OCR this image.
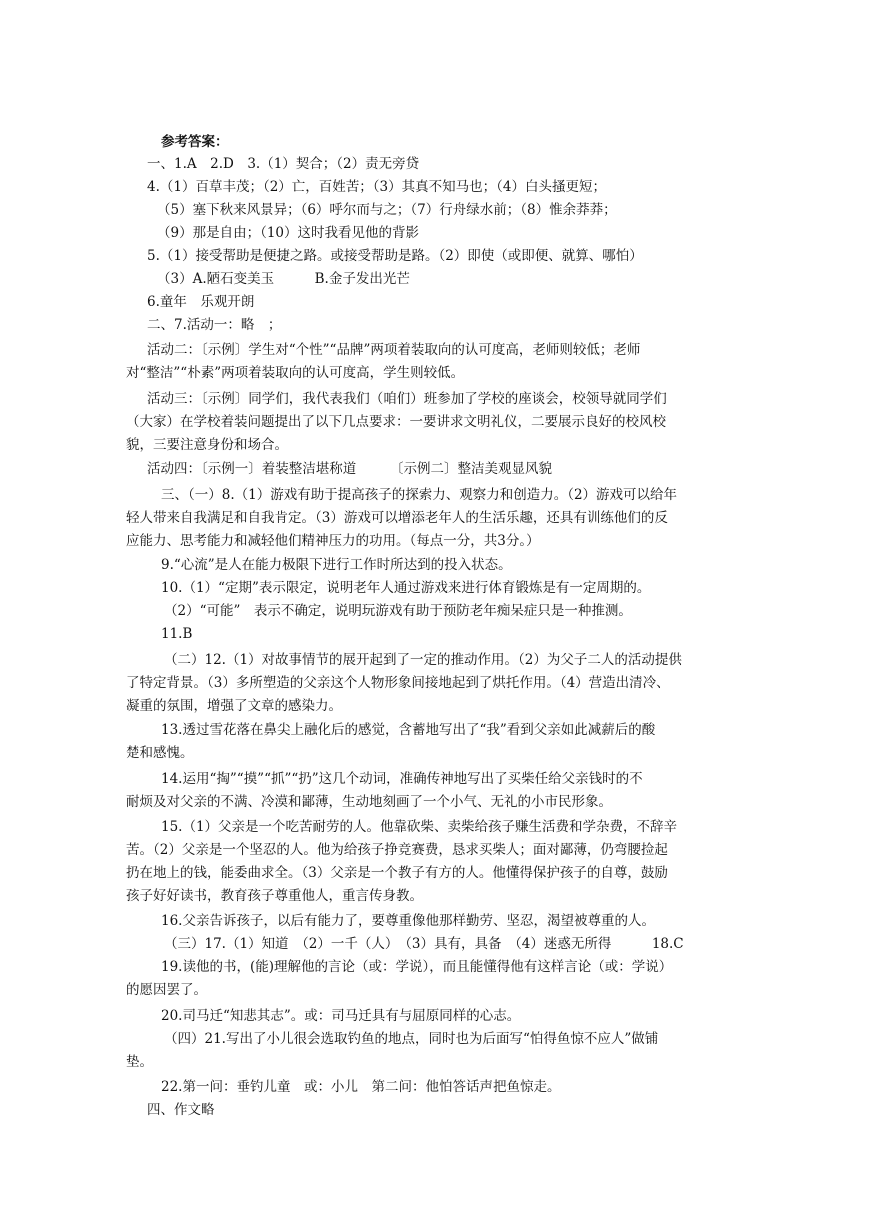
参考答案：
一、1.A　2.D　3.（1）契合；（2）责无旁贷
4.（1）百草丰茂；（2）亡，百姓苦；（3）其真不知马也；（4）白头搔更短；
（5）塞下秋来风景异；（6）呼尔而与之；（7）行舟绿水前；（8）惟余莽莽；
（9）那是自由；（10）这时我看见他的背影
5.（1）接受帮助是便捷之路。或接受帮助是路。（2）即使（或即便、就算、哪怕）
（3）A.陋石变美玉　　　B.金子发出光芒
6.童年　乐观开朗
二、7.活动一：略　；
活动二：〔示例〕学生对“个性”“品牌”两项着装取向的认可度高，老师则较低；老师
对“整洁”“朴素”两项着装取向的认可度高，学生则较低。
活动三：〔示例〕同学们，我代表我们（咱们）班参加了学校的座谈会，校领导就同学们
（大家）在学校着装问题提出了以下几点要求：一要讲求文明礼仪，二要展示良好的校风校
貌，三要注意身份和场合。
活动四：〔示例一〕着装整洁堪称道　　　〔示例二〕整洁美观显风貌
三、（一）8.（1）游戏有助于提高孩子的探索力、观察力和创造力。（2）游戏可以给年
轻人带来自我满足和自我肯定。（3）游戏可以增添老年人的生活乐趣，还具有训练他们的反
应能力、思考能力和减轻他们精神压力的功用。（每点一分，共3分。）
9.“心流”是人在能力极限下进行工作时所达到的投入状态。
10.（1）“定期”表示限定，说明老年人通过游戏来进行体育锻炼是有一定周期的。
（2）“可能”　表示不确定，说明玩游戏有助于预防老年痴呆症只是一种推测。
11.B
（二）12.（1）对故事情节的展开起到了一定的推动作用。（2）为父子二人的活动提供
了特定背景。（3）多所塑造的父亲这个人物形象间接地起到了烘托作用。（4）营造出清冷、
凝重的氛围，增强了文章的感染力。
13.透过雪花落在鼻尖上融化后的感觉，含蓄地写出了“我”看到父亲如此减薪后的酸
楚和感愧。
14.运用“掏”“摸”“抓”“扔”这几个动词，准确传神地写出了买柴任给父亲钱时的不
耐烦及对父亲的不满、冷漠和鄙薄，生动地刻画了一个小气、无礼的小市民形象。
15.（1）父亲是一个吃苦耐劳的人。他靠砍柴、卖柴给孩子赚生活费和学杂费，不辞辛
苦。（2）父亲是一个坚忍的人。他为给孩子挣竞赛费，恳求买柴人；面对鄙薄，仍弯腰捡起
扔在地上的钱，能委曲求全。（3）父亲是一个教子有方的人。他懂得保护孩子的自尊，鼓励
孩子好好读书，教育孩子尊重他人，重言传身教。
16.父亲告诉孩子，以后有能力了，要尊重像他那样勤劳、坚忍，渴望被尊重的人。
（三）17.（1）知道　（2）一千（人）　（3）具有，具备　（4）迷惑无所得　　　18.C
19.读他的书，(能)理解他的言论（或：学说），而且能懂得他有这样言论（或：学说）
的愿因罢了。
20.司马迁“知悲其志”。或：司马迁具有与屈原同样的心志。
（四）21.写出了小儿很会选取钓鱼的地点，同时也为后面写“怕得鱼惊不应人”做铺
垫。
22.第一问：垂钓儿童　或：小儿　第二问：他怕答话声把鱼惊走。
四、作文略
